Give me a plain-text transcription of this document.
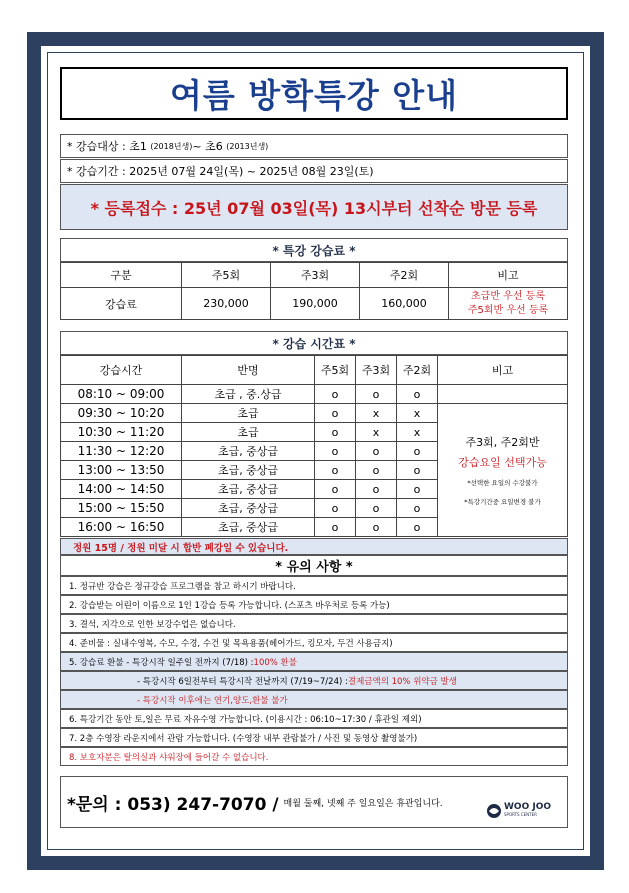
여름 방학특강 안내
* 강습대상 : 초1
(2018년생) ~ 초6
(2013년생)
* 강습기간 : 2025년 07월 24일(목) ~ 2025년 08월 23일(토)
* 등록접수 : 25년 07월 03일(목) 13시부터 선착순 방문 등록
* 특강 강습료 *
구분	주5회	주3회	주2회	비고
강습료	230,000	190,000	160,000	초급반 우선 등록
주5회반 우선 등록
* 강습 시간표 *
강습시간	반명	주5회	주3회	주2회	비고
08:10 ~ 09:00	초급 , 중.상급	o	o	o	
09:30 ~ 10:20	초급	o	x	x	주3회, 주2회반
강습요일 선택가능
*선택한 요일의 수강불가
*특강기간중 요일변경 불가

10:30 ~ 11:20	초급	o	x	x	
11:30 ~ 12:20	초급, 중상급	o	o	o	
13:00 ~ 13:50	초급, 중상급	o	o	o	
14:00 ~ 14:50	초급, 중상급	o	o	o	
15:00 ~ 15:50	초급, 중상급	o	o	o	
16:00 ~ 16:50	초급, 중상급	o	o	o	
정원 15명 / 정원 미달 시 합반 폐강일 수 있습니다.
* 유의 사항 *
1. 정규반 강습은 정규강습 프로그램을 참고 하시기 바랍니다.
2. 강습받는 어린이 이름으로 1인 1강습 등록 가능합니다. (스포츠 바우처로 등록 가능)
3. 결석, 지각으로 인한 보강수업은 없습니다.
4. 준비물 : 실내수영복, 수모, 수경, 수건 및 목욕용품(헤어가드, 킹모자, 두건 사용금지)
5. 강습료 환불 - 특강시작 일주일 전까지 (7/18) : 100% 환불
- 특강시작 6일전부터 특강시작 전날까지 (7/19~7/24) : 결제금액의 10% 위약금 발생
- 특강시작 이후에는 연기,양도,환불 불가
6. 특강기간 동안 토,일은 무료 자유수영 가능합니다. (이용시간 : 06:10~17:30 / 휴관일 제외)
7. 2층 수영장 라운지에서 관람 가능합니다. (수영장 내부 관람불가 / 사진 및 동영상 촬영불가)
8. 보호자분은 탈의실과 샤워장에 들어갈 수 없습니다.
*문의 : 053) 247-7070 / 매월 둘째, 넷째 주 일요일은 휴관입니다.	WOO JOO
SPORTS CENTER
